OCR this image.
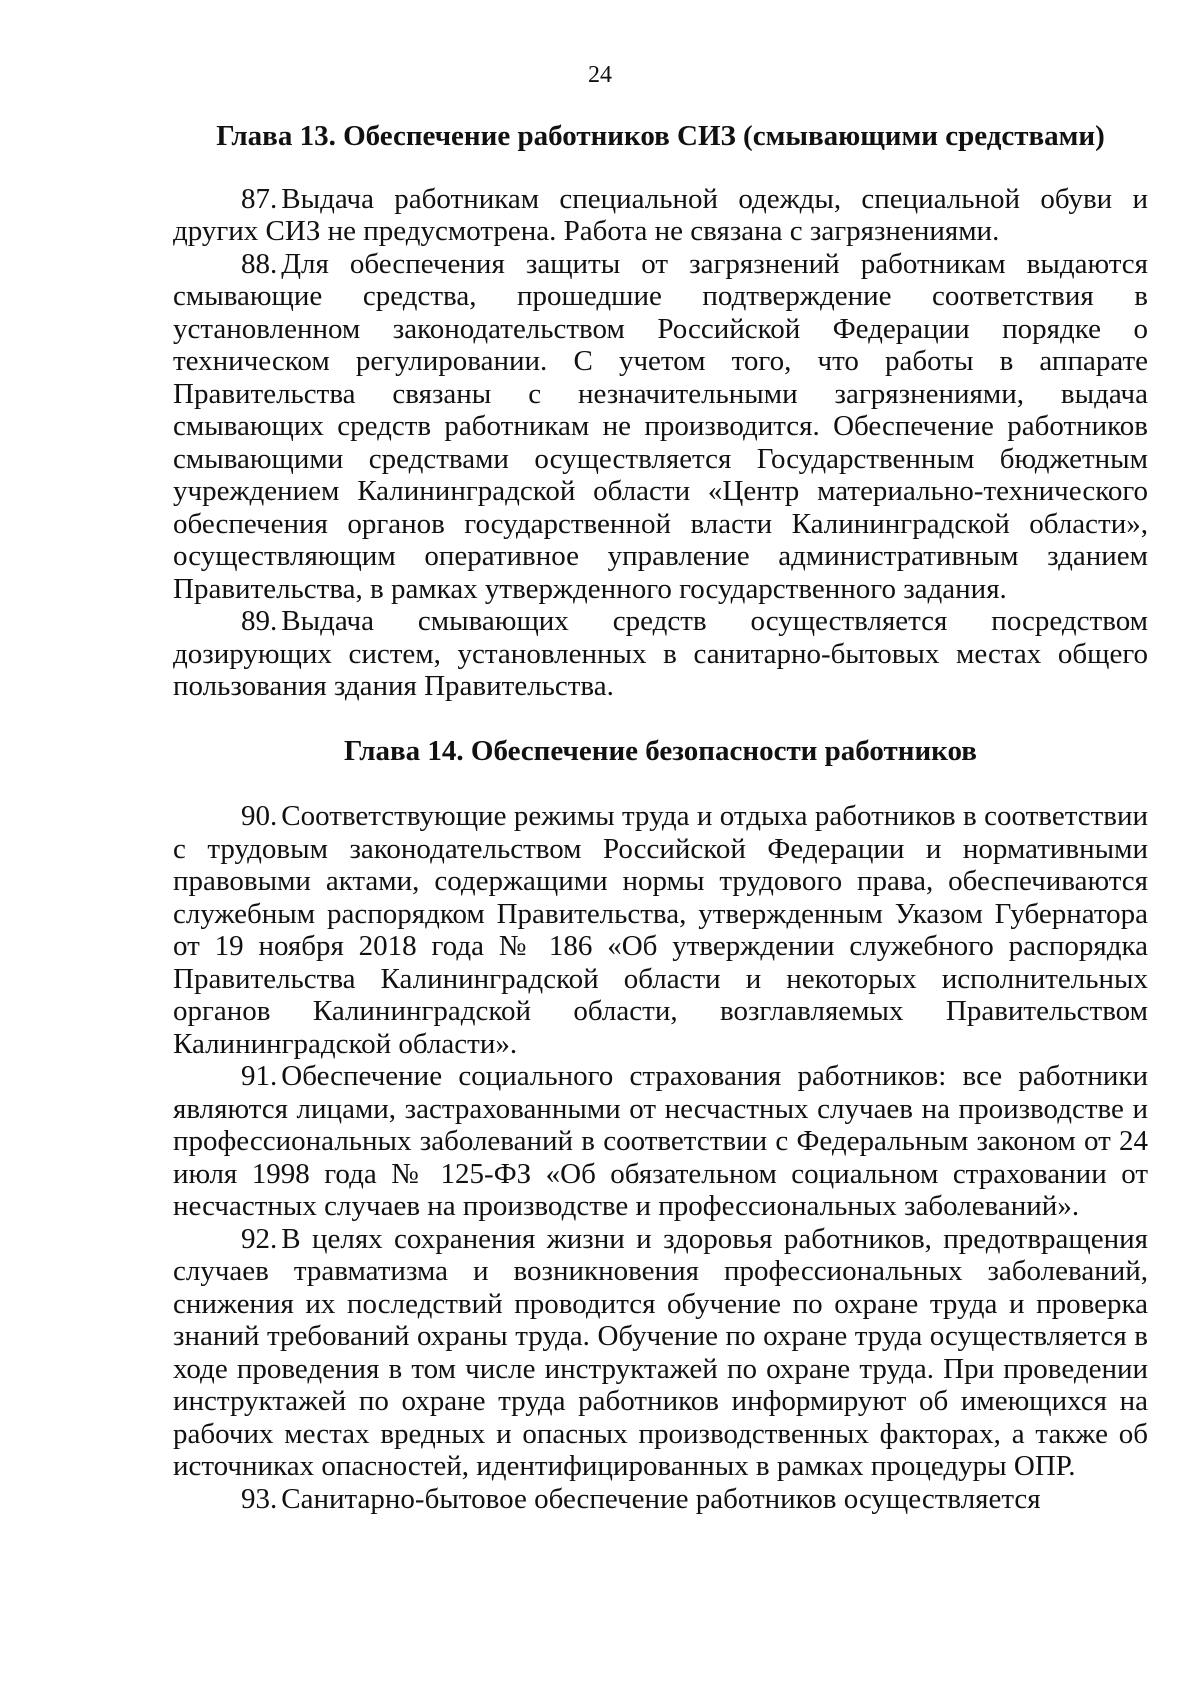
24
Глава 13. Обеспечение работников СИЗ (смывающими средствами)

87. Выдача работникам специальной одежды, специальной обуви и других СИЗ не предусмотрена. Работа не связана с загрязнениями.

88. Для обеспечения защиты от загрязнений работникам выдаются смывающие средства, прошедшие подтверждение соответствия в установленном законодательством Российской Федерации порядке о техническом регулировании. С учетом того, что работы в аппарате Правительства связаны с незначительными загрязнениями, выдача смывающих средств работникам не производится. Обеспечение работников смывающими средствами осуществляется Государственным бюджетным учреждением Калининградской области «Центр материально-технического обеспечения органов государственной власти Калининградской области», осуществляющим оперативное управление административным зданием Правительства, в рамках утвержденного государственного задания.

89. Выдача смывающих средств осуществляется посредством дозирующих систем, установленных в санитарно-бытовых местах общего пользования здания Правительства.

Глава 14. Обеспечение безопасности работников

90. Соответствующие режимы труда и отдыха работников в соответствии с трудовым законодательством Российской Федерации и нормативными правовыми актами, содержащими нормы трудового права, обеспечиваются служебным распорядком Правительства, утвержденным Указом Губернатора от 19 ноября 2018 года № 186 «Об утверждении служебного распорядка Правительства Калининградской области и некоторых исполнительных органов Калининградской области, возглавляемых Правительством Калининградской области».

91. Обеспечение социального страхования работников: все работники являются лицами, застрахованными от несчастных случаев на производстве и профессиональных заболеваний в соответствии с Федеральным законом от 24 июля 1998 года № 125-ФЗ «Об обязательном социальном страховании от несчастных случаев на производстве и профессиональных заболеваний».

92. В целях сохранения жизни и здоровья работников, предотвращения случаев травматизма и возникновения профессиональных заболеваний, снижения их последствий проводится обучение по охране труда и проверка знаний требований охраны труда. Обучение по охране труда осуществляется в ходе проведения в том числе инструктажей по охране труда. При проведении инструктажей по охране труда работников информируют об имеющихся на рабочих местах вредных и опасных производственных факторах, а также об источниках опасностей, идентифицированных в рамках процедуры ОПР.

93. Санитарно-бытовое обеспечение работников осуществляется
